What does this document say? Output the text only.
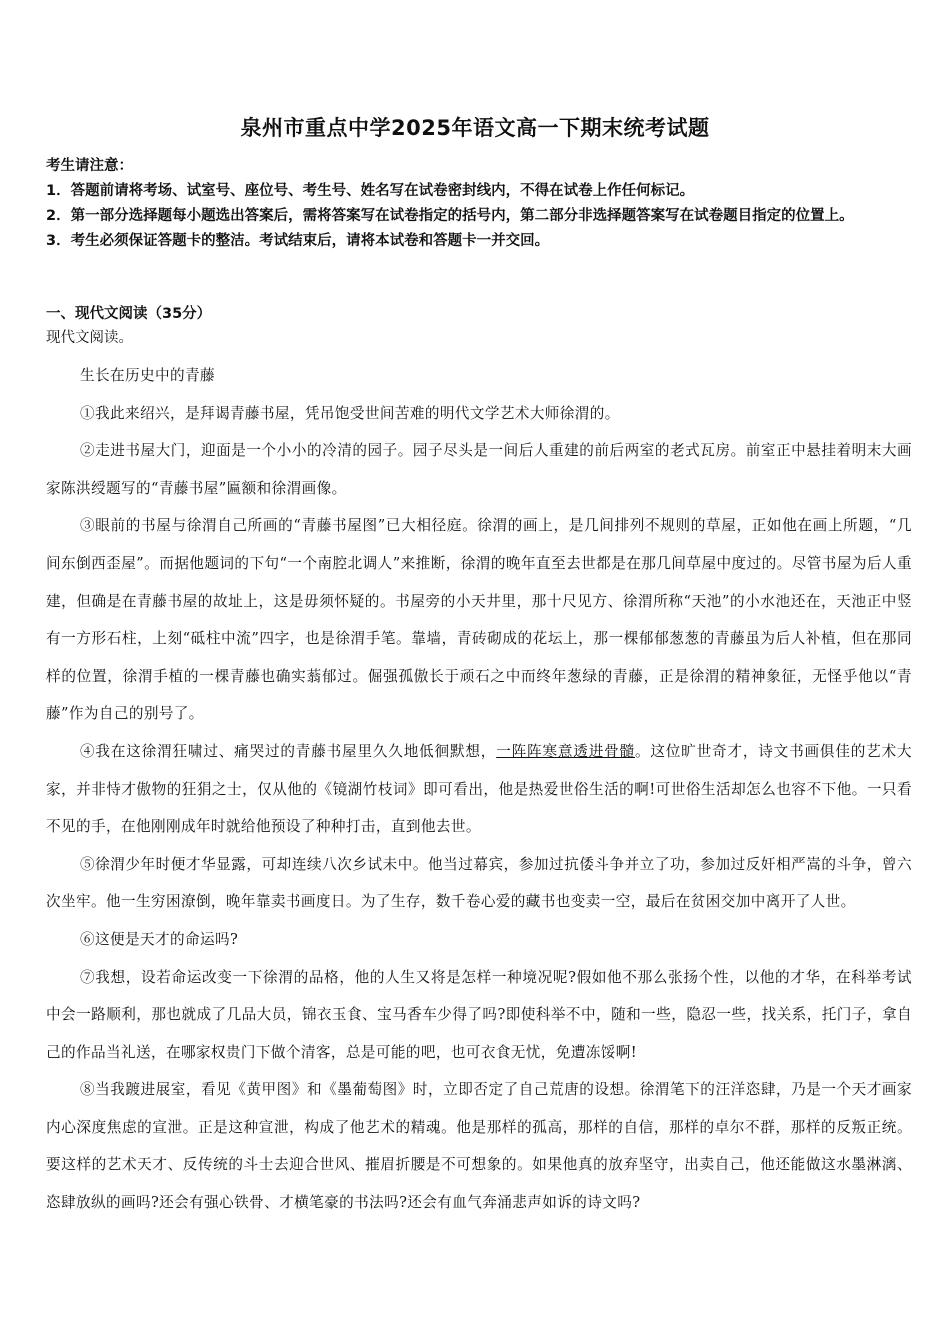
泉州市重点中学2025年语文高一下期末统考试题

考生请注意：

1．答题前请将考场、试室号、座位号、考生号、姓名写在试卷密封线内，不得在试卷上作任何标记。

2．第一部分选择题每小题选出答案后，需将答案写在试卷指定的括号内，第二部分非选择题答案写在试卷题目指定的位置上。

3．考生必须保证答题卡的整洁。考试结束后，请将本试卷和答题卡一并交回。

一、现代文阅读（35分）

现代文阅读。

生长在历史中的青藤

①我此来绍兴，是拜谒青藤书屋，凭吊饱受世间苦难的明代文学艺术大师徐渭的。

②走进书屋大门，迎面是一个小小的冷清的园子。园子尽头是一间后人重建的前后两室的老式瓦房。前室正中悬挂着明末大画家陈洪绶题写的“青藤书屋”匾额和徐渭画像。

③眼前的书屋与徐渭自己所画的“青藤书屋图”已大相径庭。徐渭的画上，是几间排列不规则的草屋，正如他在画上所题，“几间东倒西歪屋”。而据他题词的下句“一个南腔北调人”来推断，徐渭的晚年直至去世都是在那几间草屋中度过的。尽管书屋为后人重建，但确是在青藤书屋的故址上，这是毋须怀疑的。书屋旁的小天井里，那十尺见方、徐渭所称“天池”的小水池还在，天池正中竖有一方形石柱，上刻“砥柱中流”四字，也是徐渭手笔。靠墙，青砖砌成的花坛上，那一棵郁郁葱葱的青藤虽为后人补植，但在那同样的位置，徐渭手植的一棵青藤也确实蓊郁过。倔强孤傲长于顽石之中而终年葱绿的青藤，正是徐渭的精神象征，无怪乎他以“青藤”作为自己的别号了。

④我在这徐渭狂啸过、痛哭过的青藤书屋里久久地低徊默想，一阵阵寒意透进骨髓。这位旷世奇才，诗文书画俱佳的艺术大家，并非恃才傲物的狂狷之士，仅从他的《镜湖竹枝词》即可看出，他是热爱世俗生活的啊!可世俗生活却怎么也容不下他。一只看不见的手，在他刚刚成年时就给他预设了种种打击，直到他去世。

⑤徐渭少年时便才华显露，可却连续八次乡试未中。他当过幕宾，参加过抗倭斗争并立了功，参加过反奸相严嵩的斗争，曾六次坐牢。他一生穷困潦倒，晚年靠卖书画度日。为了生存，数千卷心爱的藏书也变卖一空，最后在贫困交加中离开了人世。

⑥这便是天才的命运吗?

⑦我想，设若命运改变一下徐渭的品格，他的人生又将是怎样一种境况呢?假如他不那么张扬个性，以他的才华，在科举考试中会一路顺利，那也就成了几品大员，锦衣玉食、宝马香车少得了吗?即使科举不中，随和一些，隐忍一些，找关系，托门子，拿自己的作品当礼送，在哪家权贵门下做个清客，总是可能的吧，也可衣食无忧，免遭冻馁啊!

⑧当我踱进展室，看见《黄甲图》和《墨葡萄图》时，立即否定了自己荒唐的设想。徐渭笔下的汪洋恣肆，乃是一个天才画家内心深度焦虑的宣泄。正是这种宣泄，构成了他艺术的精魂。他是那样的孤高，那样的自信，那样的卓尔不群，那样的反叛正统。要这样的艺术天才、反传统的斗士去迎合世风、摧眉折腰是不可想象的。如果他真的放弃坚守，出卖自己，他还能做这水墨淋漓、恣肆放纵的画吗?还会有强心铁骨、才横笔豪的书法吗?还会有血气奔涌悲声如诉的诗文吗?
